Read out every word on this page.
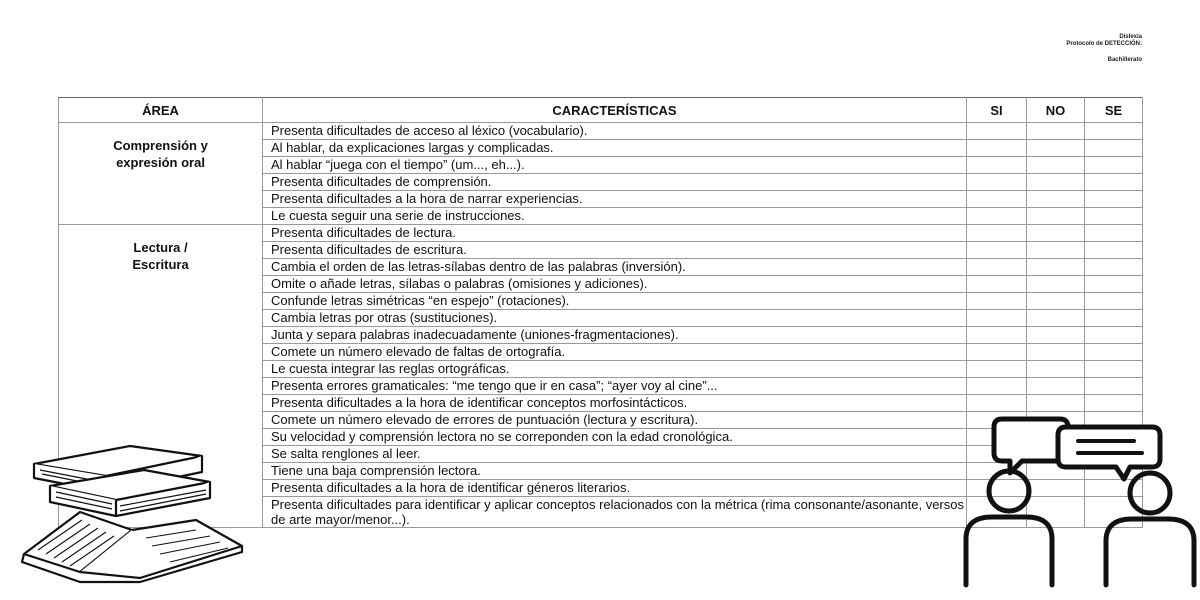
Dislexia
Protocolo de DETECCIÓN:
Bachillerato
ÁREA	CARACTERÍSTICAS	SI	NO	SE

Comprensión y
expresión oral	Presenta dificultades de acceso al léxico (vocabulario).			
	Al hablar, da explicaciones largas y complicadas.			
	Al hablar “juega con el tiempo” (um..., eh...).			
	Presenta dificultades de comprensión.			
	Presenta dificultades a la hora de narrar experiencias.			
	Le cuesta seguir una serie de instrucciones.			

Lectura /
Escritura	Presenta dificultades de lectura.			
	Presenta dificultades de escritura.			
	Cambia el orden de las letras-sílabas dentro de las palabras (inversión).			
	Omite o añade letras, sílabas o palabras (omisiones y adiciones).			
	Confunde letras simétricas “en espejo” (rotaciones).			
	Cambia letras por otras (sustituciones).			
	Junta y separa palabras inadecuadamente (uniones-fragmentaciones).			
	Comete un número elevado de faltas de ortografía.			
	Le cuesta integrar las reglas ortográficas.			
	Presenta errores gramaticales: “me tengo que ir en casa”; “ayer voy al cine”...			
	Presenta dificultades a la hora de identificar conceptos morfosintácticos.			
	Comete un número elevado de errores de puntuación (lectura y escritura).			
	Su velocidad y comprensión lectora no se correponden con la edad cronológica.			
	Se salta renglones al leer.			
	Tiene una baja comprensión lectora.			
	Presenta dificultades a la hora de identificar géneros literarios.			
	Presenta dificultades para identificar y aplicar conceptos relacionados con la métrica (rima consonante/asonante, versos de arte mayor/menor...).			
